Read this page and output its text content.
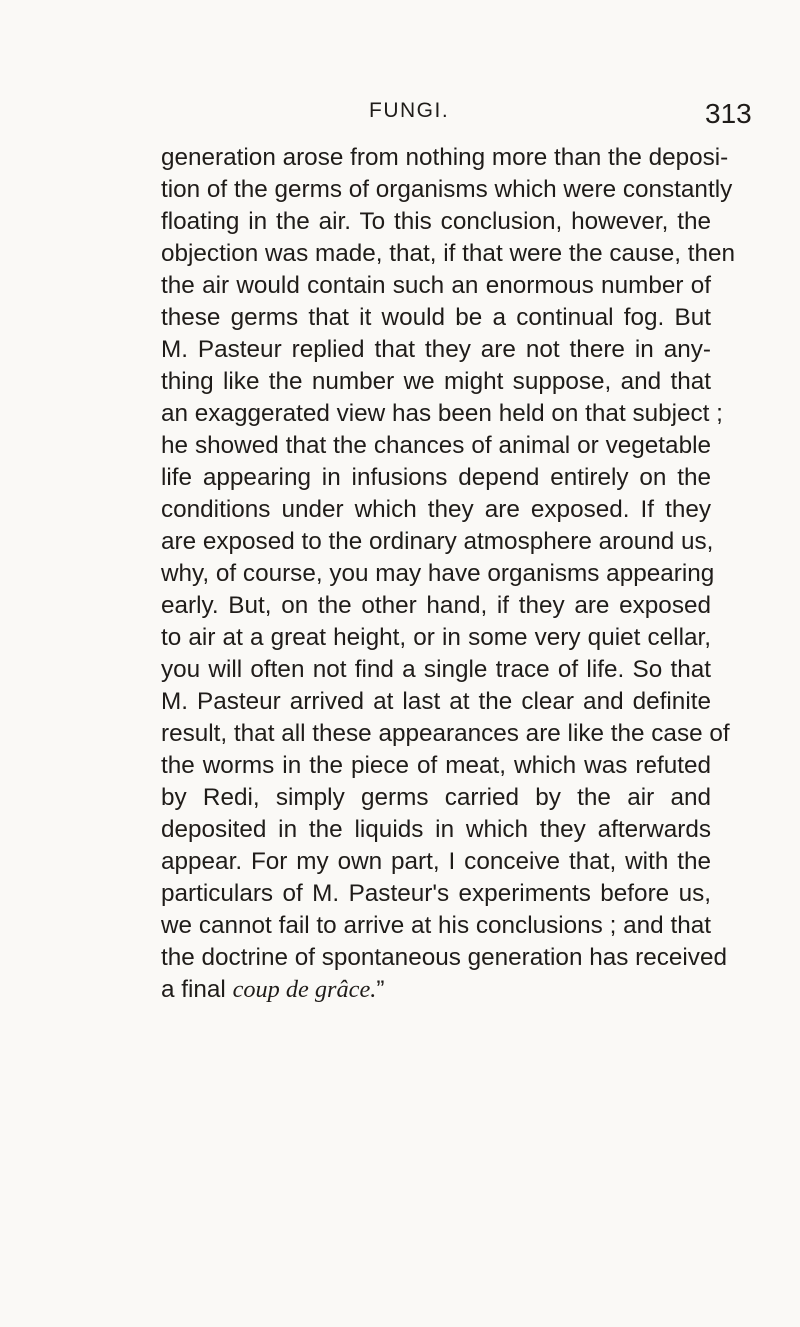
FUNGI.	313
generation arose from nothing more than the deposi-
tion of the germs of organisms which were constantly
floating in the air. To this conclusion, however, the
objection was made, that, if that were the cause, then
the air would contain such an enormous number of
these germs that it would be a continual fog. But
M. Pasteur replied that they are not there in any-
thing like the number we might suppose, and that
an exaggerated view has been held on that subject ;
he showed that the chances of animal or vegetable
life appearing in infusions depend entirely on the
conditions under which they are exposed. If they
are exposed to the ordinary atmosphere around us,
why, of course, you may have organisms appearing
early. But, on the other hand, if they are exposed
to air at a great height, or in some very quiet cellar,
you will often not find a single trace of life. So that
M. Pasteur arrived at last at the clear and definite
result, that all these appearances are like the case of
the worms in the piece of meat, which was refuted
by Redi, simply germs carried by the air and
deposited in the liquids in which they afterwards
appear. For my own part, I conceive that, with the
particulars of M. Pasteur's experiments before us,
we cannot fail to arrive at his conclusions ; and that
the doctrine of spontaneous generation has received
a final coup de grâce.”
